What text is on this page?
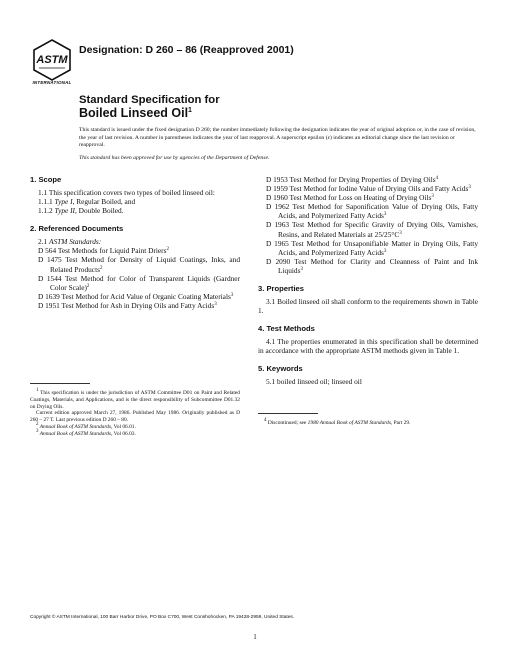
ASTM
INTERNATIONAL
Designation: D 260 – 86 (Reapproved 2001)
Standard Specification for
Boiled Linseed Oil$^1$
This standard is issued under the fixed designation D 260; the number immediately following the designation indicates the year of original adoption or, in the case of revision, the year of last revision. A number in parentheses indicates the year of last reapproval. A superscript epsilon (ε) indicates an editorial change since the last revision or reapproval.
This standard has been approved for use by agencies of the Department of Defense.
1. Scope

1.1 This specification covers two types of boiled linseed oil:

1.1.1 Type I, Regular Boiled, and

1.1.2 Type II, Double Boiled.

2. Referenced Documents

2.1 ASTM Standards:

D 564 Test Methods for Liquid Paint Driers$^2$

D 1475 Test Method for Density of Liquid Coatings, Inks, and Related Products$^2$

D 1544 Test Method for Color of Transparent Liquids (Gardner Color Scale)$^2$

D 1639 Test Method for Acid Value of Organic Coating Materials$^3$

D 1951 Test Method for Ash in Drying Oils and Fatty Acids$^3$

D 1953 Test Method for Drying Properties of Drying Oils$^4$

D 1959 Test Method for Iodine Value of Drying Oils and Fatty Acids$^3$

D 1960 Test Method for Loss on Heating of Drying Oils$^3$

D 1962 Test Method for Saponification Value of Drying Oils, Fatty Acids, and Polymerized Fatty Acids$^3$

D 1963 Test Method for Specific Gravity of Drying Oils, Varnishes, Resins, and Related Materials at $25/25^\circ C^3$

D 1965 Test Method for Unsaponifiable Matter in Drying Oils, Fatty Acids, and Polymerized Fatty Acids$^3$

D 2090 Test Method for Clarity and Cleanness of Paint and Ink Liquids$^3$

3. Properties

3.1 Boiled linseed oil shall conform to the requirements shown in Table 1.

4. Test Methods

4.1 The properties enumerated in this specification shall be determined in accordance with the appropriate ASTM methods given in Table 1.

5. Keywords

5.1 boiled linseed oil; linseed oil

$^1$ This specification is under the jurisdiction of ASTM Committee D01 on Paint and Related Coatings, Materials, and Applications, and is the direct responsibility of Subcommittee D01.32 on Drying Oils.

Current edition approved March 27, 1986. Published May 1986. Originally published as D 260 – 27 T. Last previous edition D 260 – 80.

$^2$ Annual Book of ASTM Standards, Vol 06.01.

$^3$ Annual Book of ASTM Standards, Vol 06.03.

$^4$ Discontinued; see 1980 Annual Book of ASTM Standards, Part 29.

Copyright © ASTM International, 100 Barr Harbor Drive, PO Box C700, West Conshohocken, PA 19428-2959, United States.
1
